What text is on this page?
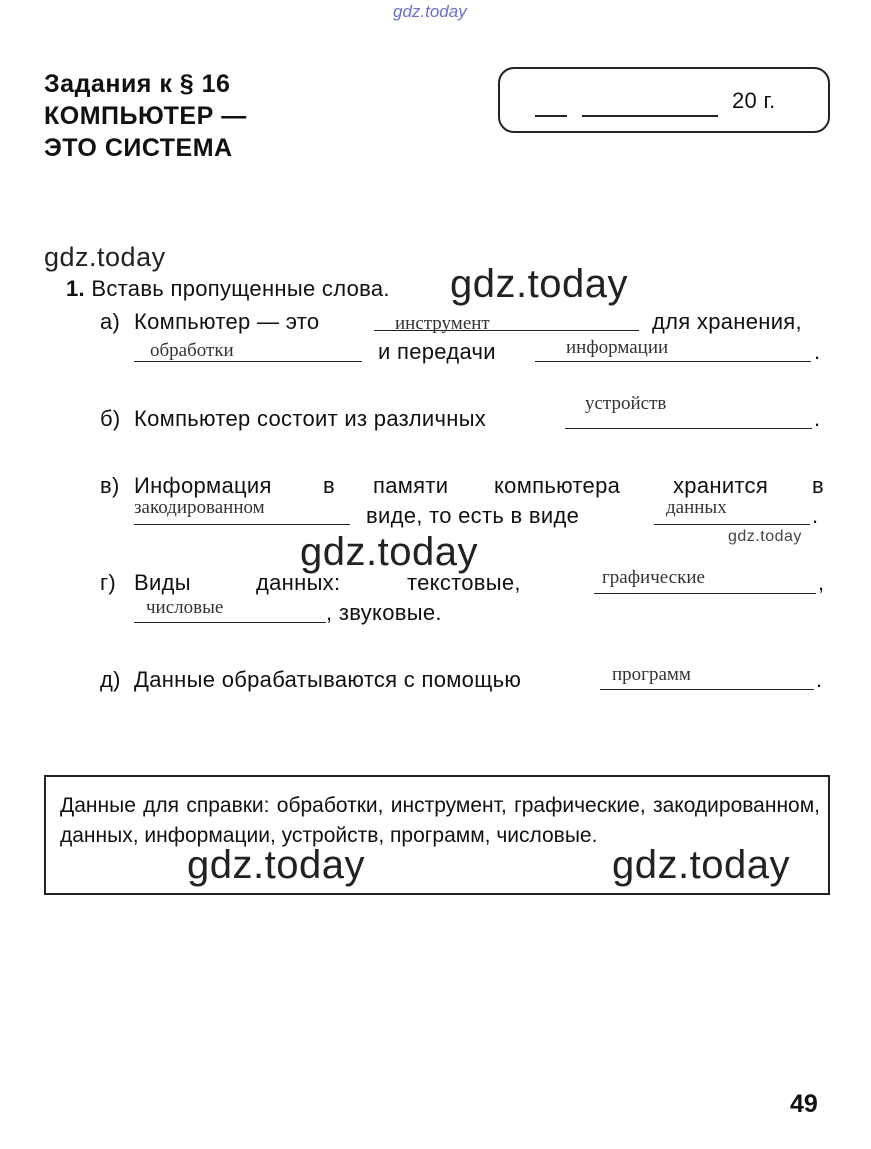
gdz.today
gdz.today
gdz.today
gdz.today	gdz.today
gdz.today	gdz.today
Задания к § 16
КОМПЬЮТЕР —
ЭТО СИСТЕМА
20 г.
1. Вставь пропущенные слова.
а) Компьютер — это	инструмент	для хранения,
обработки	и передачи	информации	.
б) Компьютер состоит из различных
устройств
.
в) Информация в памяти компьютера хранится в
закодированном	виде, то есть в виде	данных	.
г) Виды	данных:	текстовые,	графические	,
числовые	, звуковые.
д) Данные обрабатываются с помощью	программ	.
Данные для справки: обработки, инструмент, графические, закодированном, данных, информации, устройств, программ, числовые.
49
